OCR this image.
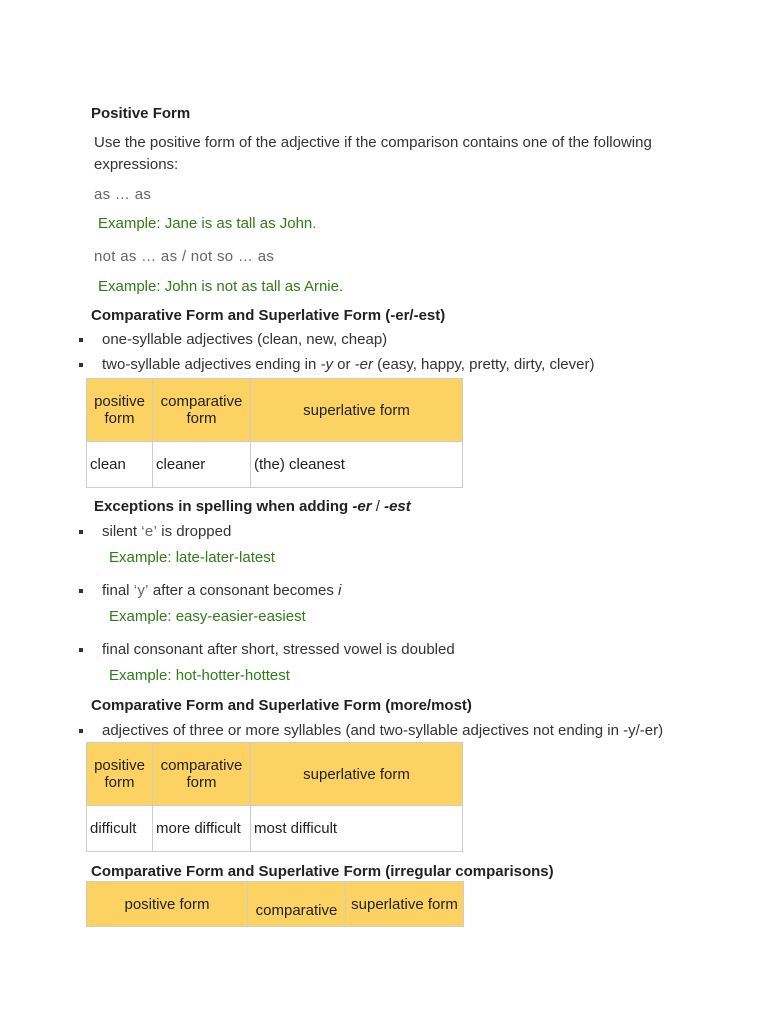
Positive Form
Use the positive form of the adjective if the comparison contains one of the following
expressions:
as … as
Example: Jane is as tall as John.
not as … as / not so … as
Example: John is not as tall as Arnie.
Comparative Form and Superlative Form (-er/-est)
one-syllable adjectives (clean, new, cheap)
two-syllable adjectives ending in -y or -er (easy, happy, pretty, dirty, clever)
positive form	comparative form	superlative form
clean	cleaner	(the) cleanest
Exceptions in spelling when adding -er / -est
silent ‘e’ is dropped
Example: late-later-latest
final ‘y’ after a consonant becomes i
Example: easy-easier-easiest
final consonant after short, stressed vowel is doubled
Example: hot-hotter-hottest
Comparative Form and Superlative Form (more/most)
adjectives of three or more syllables (and two-syllable adjectives not ending in -y/-er)
positive form	comparative form	superlative form
difficult	more difficult	most difficult
Comparative Form and Superlative Form (irregular comparisons)
positive form	comparative	superlative form
